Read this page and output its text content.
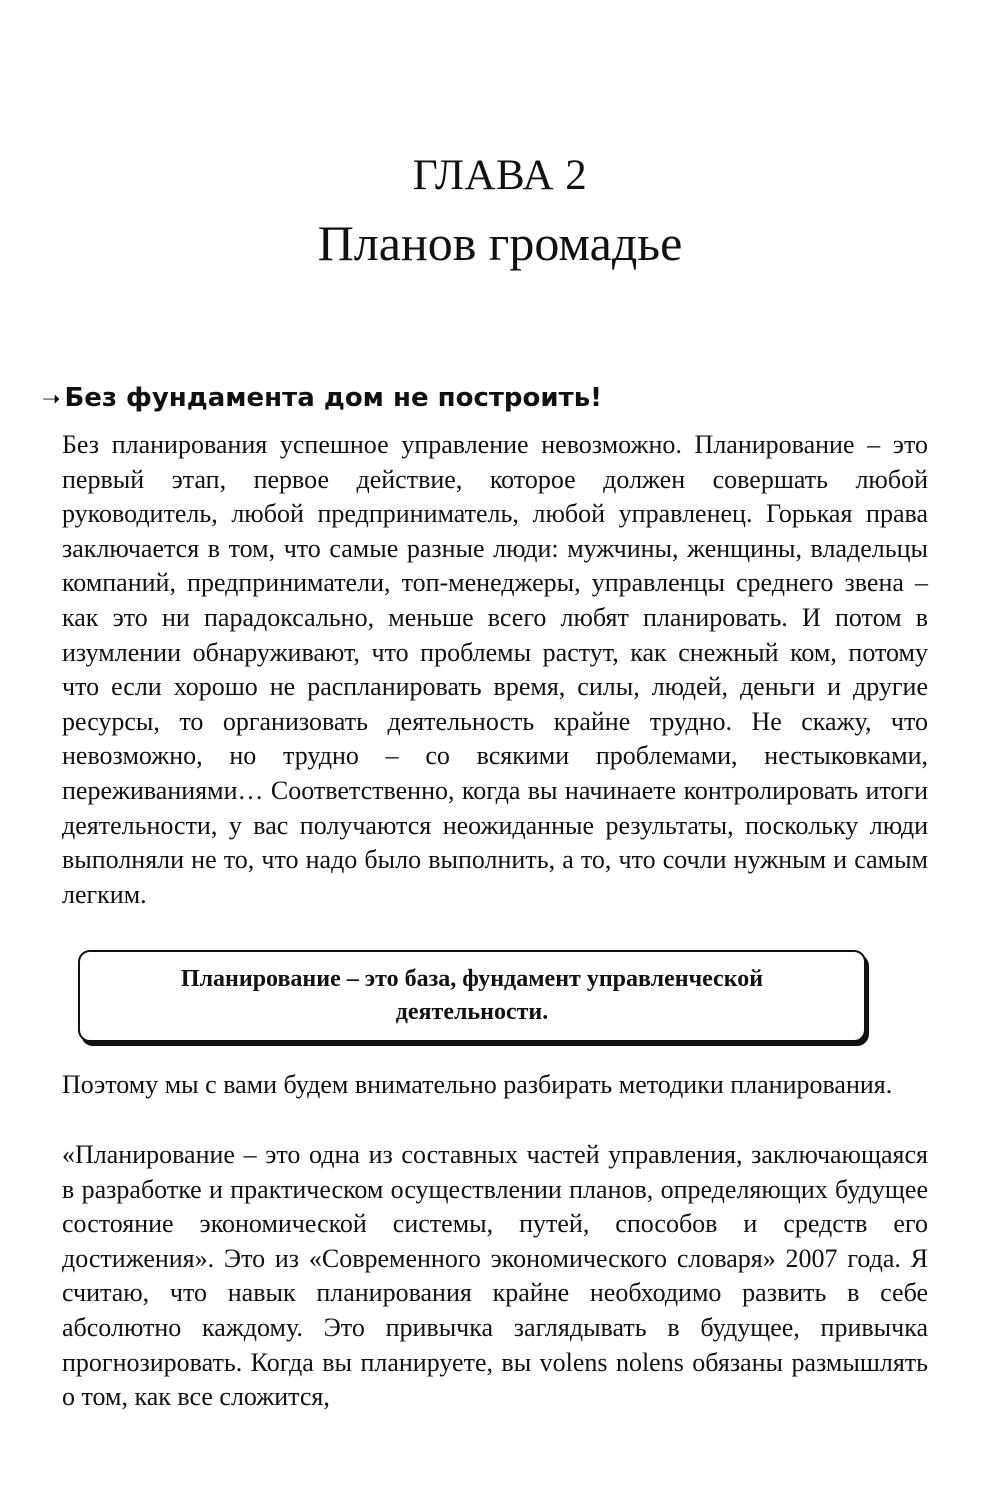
ГЛАВА 2
Планов громадье
➝ Без фундамента дом не построить!

Без планирования успешное управление невозможно. Планирование – это первый этап, первое действие, которое должен совершать любой руководитель, любой предприниматель, любой управленец. Горькая права заключается в том, что самые разные люди: мужчины, женщины, владельцы компаний, предприниматели, топ-менеджеры, управленцы среднего звена – как это ни парадоксально, меньше всего любят планировать. И потом в изумлении обнаруживают, что проблемы растут, как снежный ком, потому что если хорошо не распланировать время, силы, людей, деньги и другие ресурсы, то организовать деятельность крайне трудно. Не скажу, что невозможно, но трудно – со всякими проблемами, нестыковками, переживаниями… Соответственно, когда вы начинаете контролировать итоги деятельности, у вас получаются неожиданные результаты, поскольку люди выполняли не то, что надо было выполнить, а то, что сочли нужным и самым легким.

Планирование – это база, фундамент управленческой деятельности.

Поэтому мы с вами будем внимательно разбирать методики планирования.

«Планирование – это одна из составных частей управления, заключающаяся в разработке и практическом осуществлении планов, определяющих будущее состояние экономической системы, путей, способов и средств его достижения». Это из «Современного экономического словаря» 2007 года. Я считаю, что навык планирования крайне необходимо развить в себе абсолютно каждому. Это привычка заглядывать в будущее, привычка прогнозировать. Когда вы планируете, вы volens nolens обязаны размышлять о том, как все сложится,
